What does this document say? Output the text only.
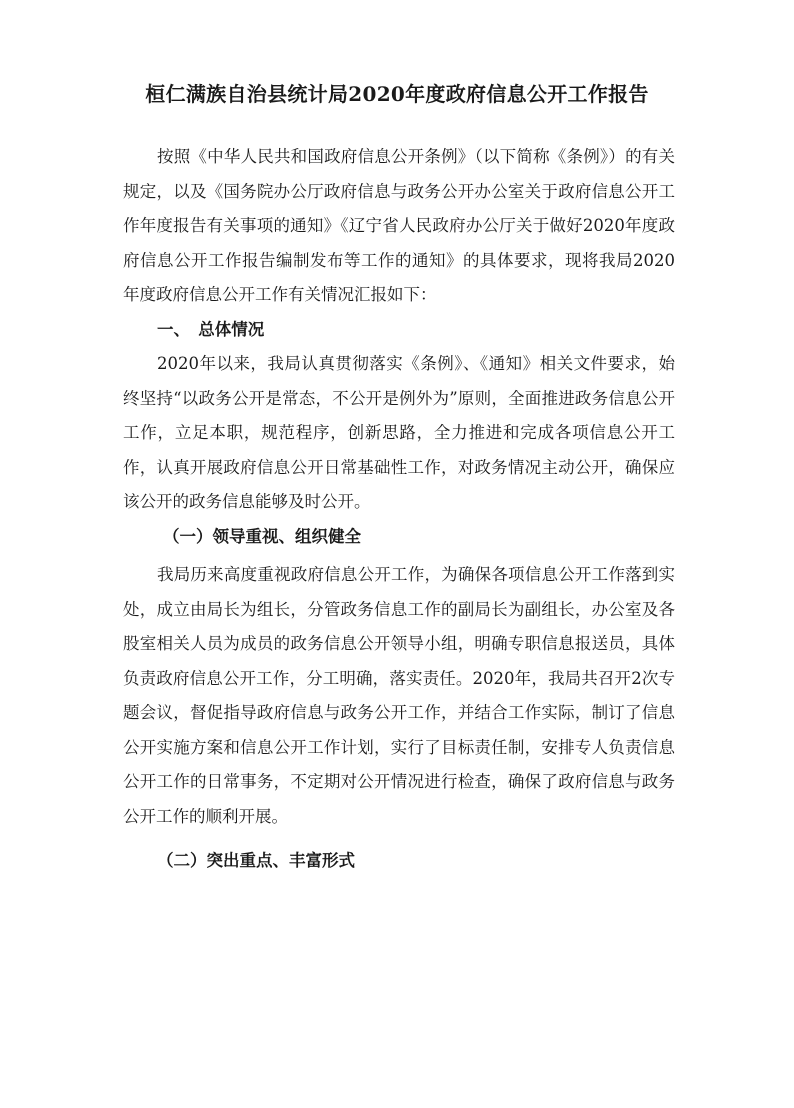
桓仁满族自治县统计局2020年度政府信息公开工作报告

按照《中华人民共和国政府信息公开条例》（以下简称《条例》）的有关规定，以及《国务院办公厅政府信息与政务公开办公室关于政府信息公开工作年度报告有关事项的通知》《辽宁省人民政府办公厅关于做好2020年度政府信息公开工作报告编制发布等工作的通知》的具体要求，现将我局2020年度政府信息公开工作有关情况汇报如下：

一、　总体情况

2020年以来，我局认真贯彻落实《条例》、《通知》相关文件要求，始终坚持“以政务公开是常态，不公开是例外为”原则，全面推进政务信息公开工作，立足本职，规范程序，创新思路，全力推进和完成各项信息公开工作，认真开展政府信息公开日常基础性工作，对政务情况主动公开，确保应该公开的政务信息能够及时公开。

（一）领导重视、组织健全

我局历来高度重视政府信息公开工作，为确保各项信息公开工作落到实处，成立由局长为组长，分管政务信息工作的副局长为副组长，办公室及各股室相关人员为成员的政务信息公开领导小组，明确专职信息报送员，具体负责政府信息公开工作，分工明确，落实责任。2020年，我局共召开2次专题会议，督促指导政府信息与政务公开工作，并结合工作实际，制订了信息公开实施方案和信息公开工作计划，实行了目标责任制，安排专人负责信息公开工作的日常事务，不定期对公开情况进行检查，确保了政府信息与政务公开工作的顺利开展。

（二）突出重点、丰富形式
